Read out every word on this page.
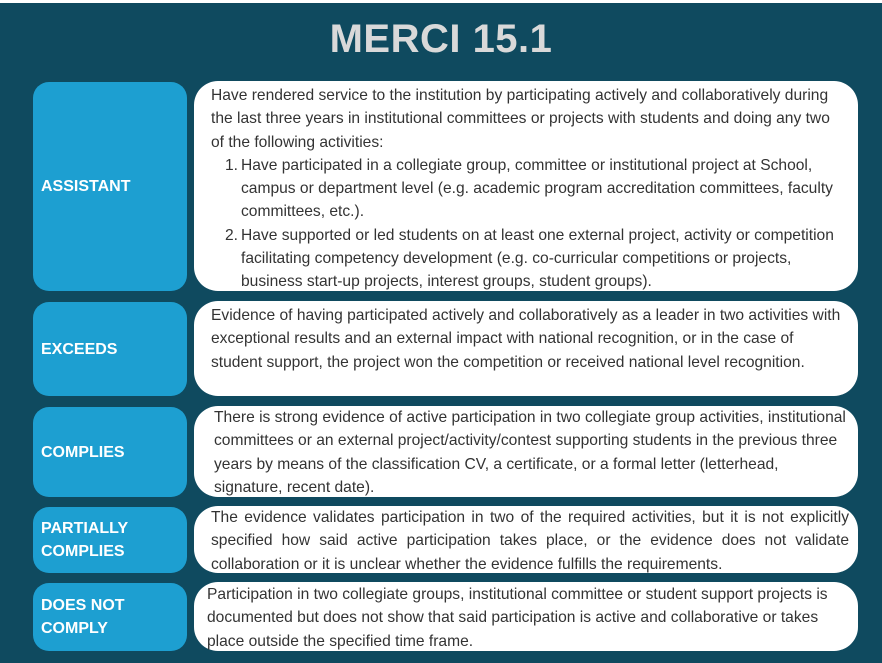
MERCI 15.1
ASSISTANT

Have rendered service to the institution by participating actively and collaboratively during the last three years in institutional committees or projects with students and doing any two of the following activities:

1. Have participated in a collegiate group, committee or institutional project at School, campus or department level (e.g. academic program accreditation committees, faculty committees, etc.).
2. Have supported or led students on at least one external project, activity or competition facilitating competency development (e.g. co-curricular competitions or projects, business start-up projects, interest groups, student groups).
EXCEEDS

Evidence of having participated actively and collaboratively as a leader in two activities with exceptional results and an external impact with national recognition, or in the case of student support, the project won the competition or received national level recognition.

COMPLIES

There is strong evidence of active participation in two collegiate group activities, institutional committees or an external project/activity/contest supporting students in the previous three years by means of the classification CV, a certificate, or a formal letter (letterhead, signature, recent date).

PARTIALLY COMPLIES

The evidence validates participation in two of the required activities, but it is not explicitly specified how said active participation takes place, or the evidence does not validate collaboration or it is unclear whether the evidence fulfills the requirements.

DOES NOT COMPLY

Participation in two collegiate groups, institutional committee or student support projects is documented but does not show that said participation is active and collaborative or takes place outside the specified time frame.
